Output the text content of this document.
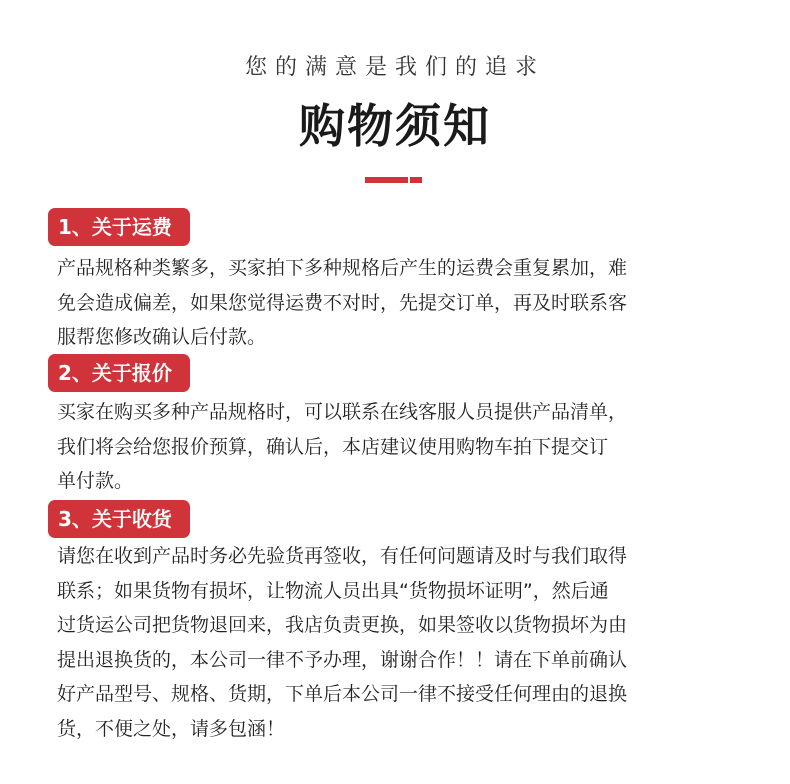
您的满意是我们的追求
购物须知
1、关于运费
产品规格种类繁多，买家拍下多种规格后产生的运费会重复累加，难
免会造成偏差，如果您觉得运费不对时，先提交订单，再及时联系客
服帮您修改确认后付款。
2、关于报价
买家在购买多种产品规格时，可以联系在线客服人员提供产品清单，
我们将会给您报价预算，确认后，本店建议使用购物车拍下提交订
单付款。
3、关于收货
请您在收到产品时务必先验货再签收，有任何问题请及时与我们取得
联系；如果货物有损坏，让物流人员出具“货物损坏证明”，然后通
过货运公司把货物退回来，我店负责更换，如果签收以货物损坏为由
提出退换货的，本公司一律不予办理，谢谢合作！！请在下单前确认
好产品型号、规格、货期，下单后本公司一律不接受任何理由的退换
货，不便之处，请多包涵！
